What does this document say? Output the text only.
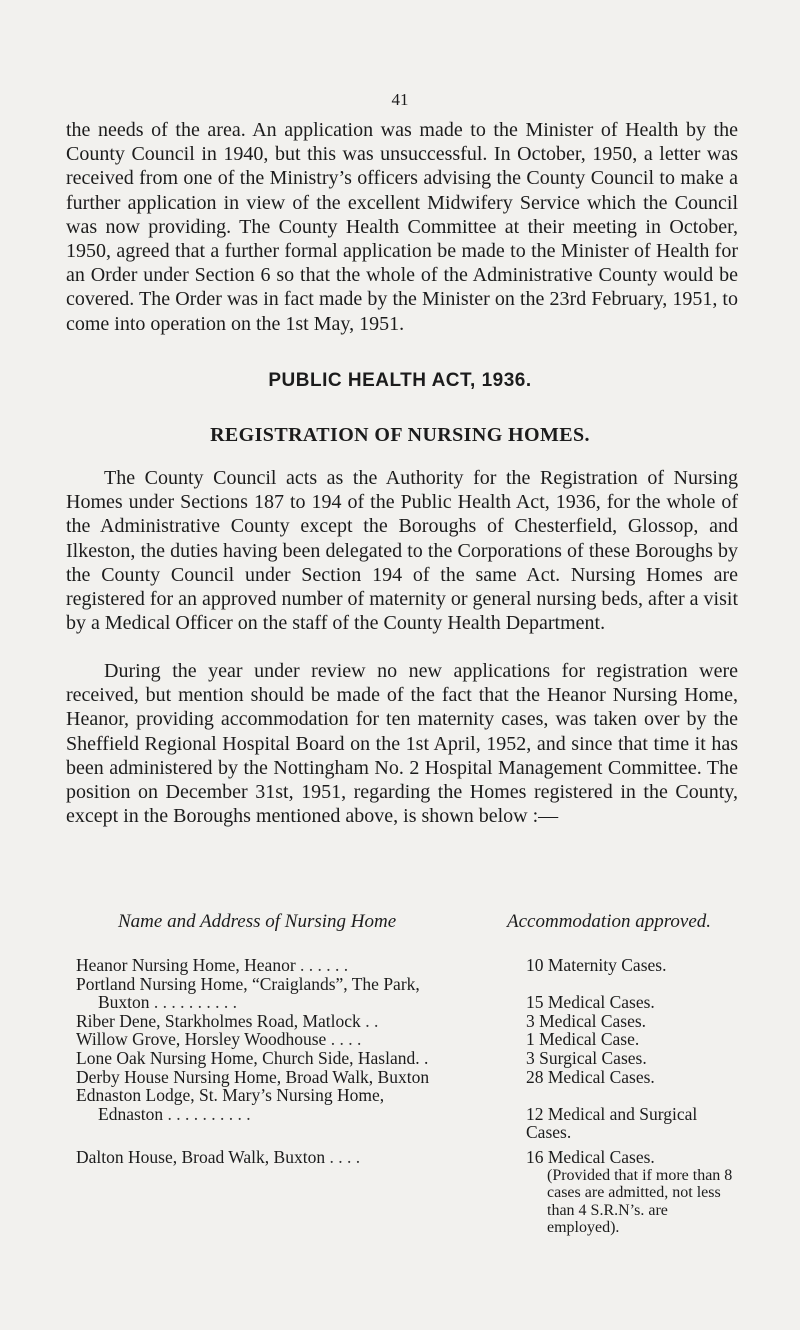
41

the needs of the area. An application was made to the Minister of Health by the County Council in 1940, but this was unsuccessful. In October, 1950, a letter was received from one of the Ministry’s officers advising the County Council to make a further application in view of the excellent Midwifery Service which the Council was now providing. The County Health Committee at their meeting in October, 1950, agreed that a further formal application be made to the Minister of Health for an Order under Section 6 so that the whole of the Administrative County would be covered. The Order was in fact made by the Minister on the 23rd February, 1951, to come into operation on the 1st May, 1951.

PUBLIC HEALTH ACT, 1936.
REGISTRATION OF NURSING HOMES.

The County Council acts as the Authority for the Registration of Nursing Homes under Sections 187 to 194 of the Public Health Act, 1936, for the whole of the Administrative County except the Boroughs of Chesterfield, Glossop, and Ilkeston, the duties having been delegated to the Corporations of these Boroughs by the County Council under Section 194 of the same Act. Nursing Homes are registered for an approved number of maternity or general nursing beds, after a visit by a Medical Officer on the staff of the County Health Department.

During the year under review no new applications for registration were received, but mention should be made of the fact that the Heanor Nursing Home, Heanor, providing accommodation for ten maternity cases, was taken over by the Sheffield Regional Hospital Board on the 1st April, 1952, and since that time it has been administered by the Nottingham No. 2 Hospital Management Committee. The position on December 31st, 1951, regarding the Homes registered in the County, except in the Boroughs mentioned above, is shown below :—

Name and Address of Nursing Home	Accommodation approved.
Heanor Nursing Home, Heanor . . . . . .	10 Maternity Cases.
Portland Nursing Home, “Craiglands”, The Park,
Buxton . . . . . . . . . .	15 Medical Cases.
Riber Dene, Starkholmes Road, Matlock . .	3 Medical Cases.
Willow Grove, Horsley Woodhouse . . . .	1 Medical Case.
Lone Oak Nursing Home, Church Side, Hasland. .	3 Surgical Cases.
Derby House Nursing Home, Broad Walk, Buxton	28 Medical Cases.
Ednaston Lodge, St. Mary’s Nursing Home,
Ednaston . . . . . . . . . .	12 Medical and Surgical Cases.
Dalton House, Broad Walk, Buxton . . . .	16 Medical Cases.
(Provided that if more than 8 cases are admitted, not less than 4 S.R.N’s. are employed).
